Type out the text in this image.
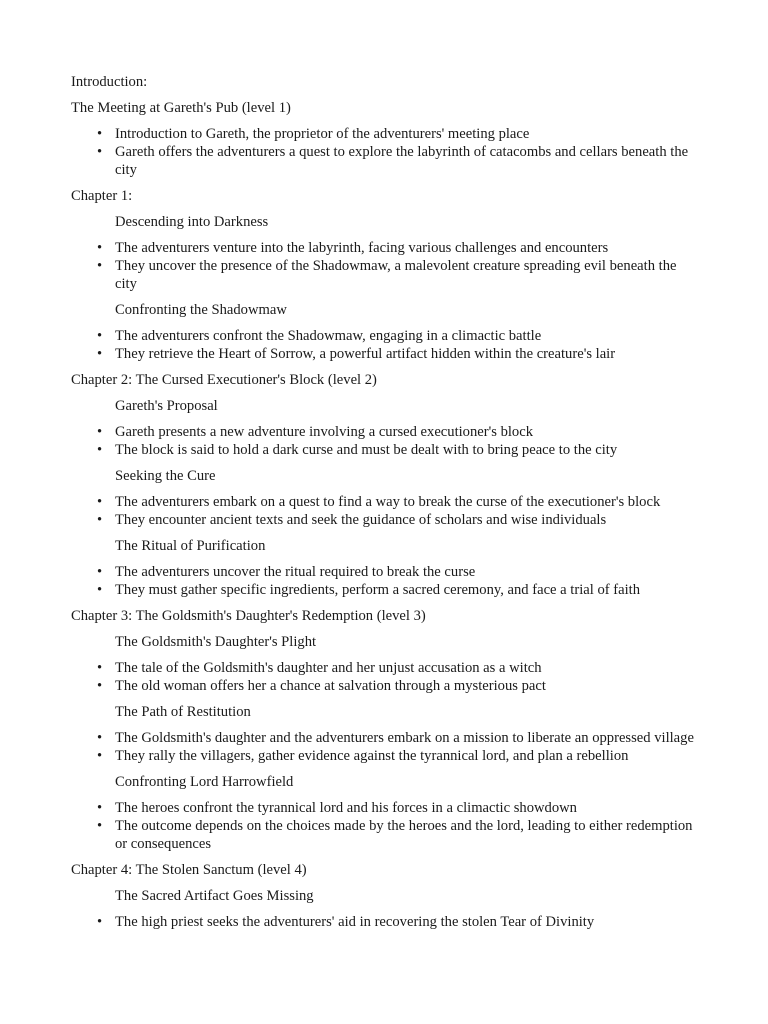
Introduction:
The Meeting at Gareth's Pub (level 1)
• Introduction to Gareth, the proprietor of the adventurers' meeting place
• Gareth offers the adventurers a quest to explore the labyrinth of catacombs and cellars beneath the city
Chapter 1:
Descending into Darkness
• The adventurers venture into the labyrinth, facing various challenges and encounters
• They uncover the presence of the Shadowmaw, a malevolent creature spreading evil beneath the city
Confronting the Shadowmaw
• The adventurers confront the Shadowmaw, engaging in a climactic battle
• They retrieve the Heart of Sorrow, a powerful artifact hidden within the creature's lair
Chapter 2: The Cursed Executioner's Block (level 2)
Gareth's Proposal
• Gareth presents a new adventure involving a cursed executioner's block
• The block is said to hold a dark curse and must be dealt with to bring peace to the city
Seeking the Cure
• The adventurers embark on a quest to find a way to break the curse of the executioner's block
• They encounter ancient texts and seek the guidance of scholars and wise individuals
The Ritual of Purification
• The adventurers uncover the ritual required to break the curse
• They must gather specific ingredients, perform a sacred ceremony, and face a trial of faith
Chapter 3: The Goldsmith's Daughter's Redemption (level 3)
The Goldsmith's Daughter's Plight
• The tale of the Goldsmith's daughter and her unjust accusation as a witch
• The old woman offers her a chance at salvation through a mysterious pact
The Path of Restitution
• The Goldsmith's daughter and the adventurers embark on a mission to liberate an oppressed village
• They rally the villagers, gather evidence against the tyrannical lord, and plan a rebellion
Confronting Lord Harrowfield
• The heroes confront the tyrannical lord and his forces in a climactic showdown
• The outcome depends on the choices made by the heroes and the lord, leading to either redemption or consequences
Chapter 4: The Stolen Sanctum (level 4)
The Sacred Artifact Goes Missing
• The high priest seeks the adventurers' aid in recovering the stolen Tear of Divinity
